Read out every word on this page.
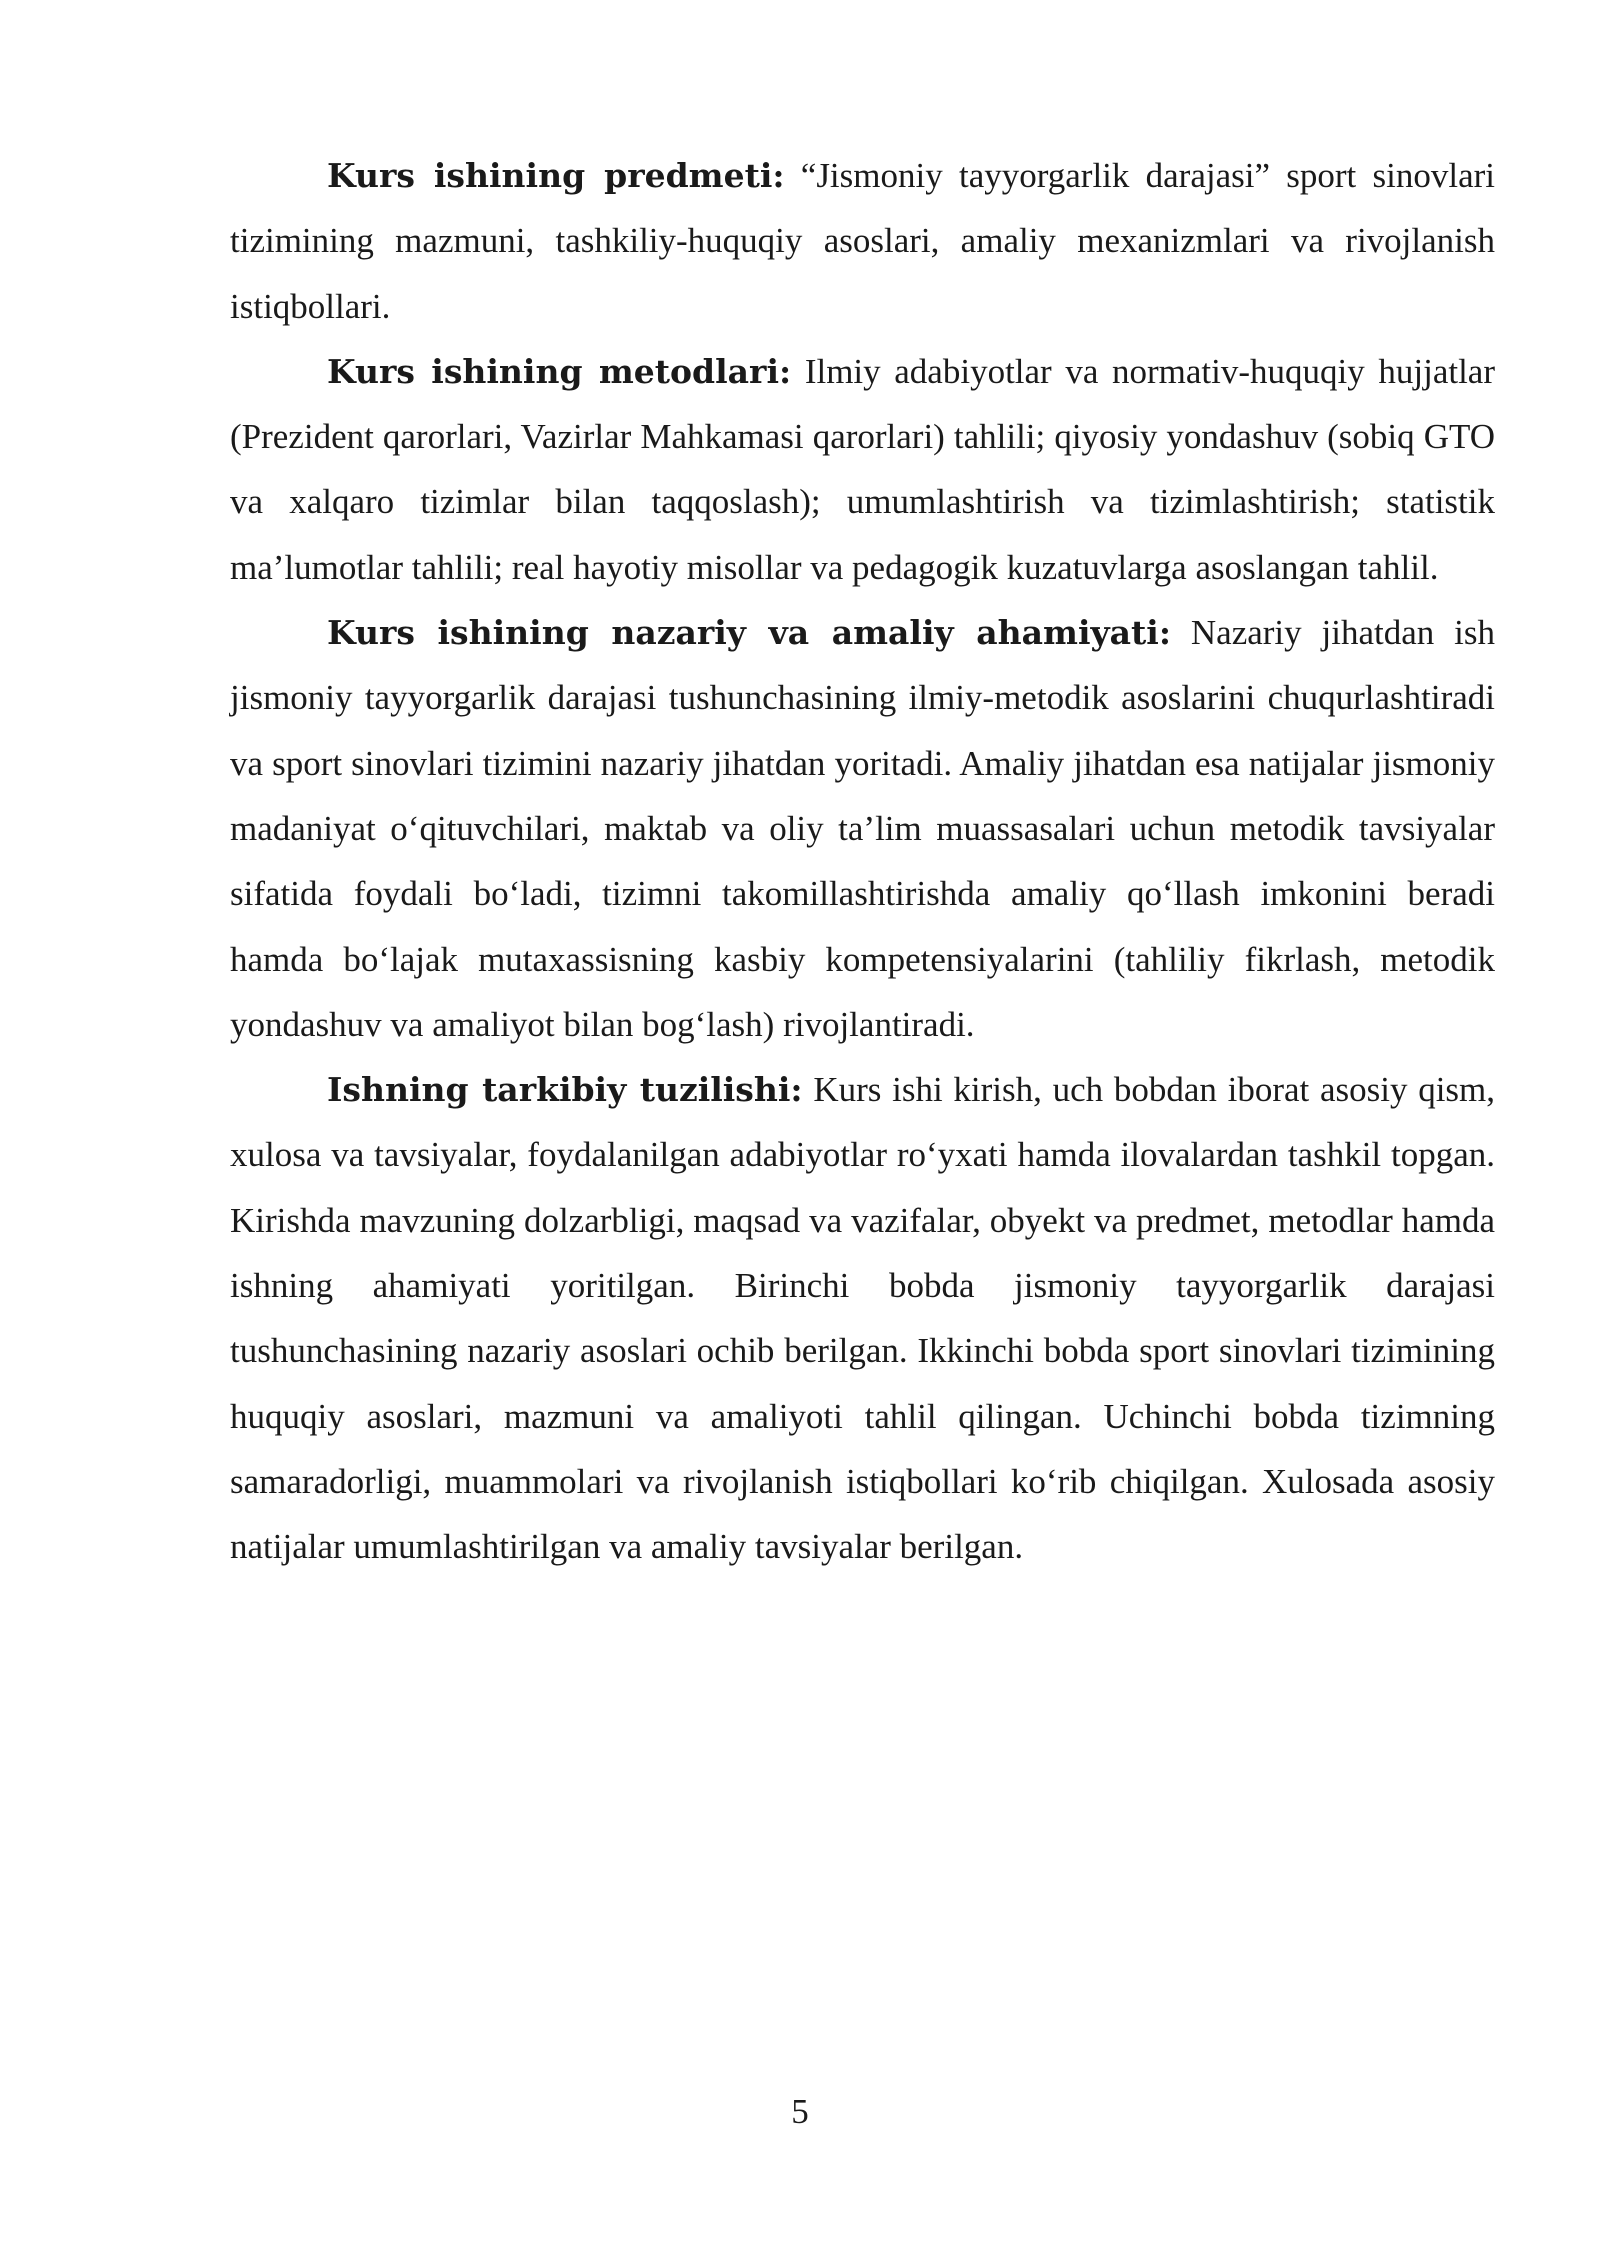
Kurs ishining predmeti: “Jismoniy tayyorgarlik darajasi” sport sinovlari tizimining mazmuni, tashkiliy-huquqiy asoslari, amaliy mexanizmlari va rivojlanish istiqbollari.

Kurs ishining metodlari: Ilmiy adabiyotlar va normativ-huquqiy hujjatlar (Prezident qarorlari, Vazirlar Mahkamasi qarorlari) tahlili; qiyosiy yondashuv (sobiq GTO va xalqaro tizimlar bilan taqqoslash); umumlashtirish va tizimlashtirish; statistik ma’lumotlar tahlili; real hayotiy misollar va pedagogik kuzatuvlarga asoslangan tahlil.

Kurs ishining nazariy va amaliy ahamiyati: Nazariy jihatdan ish jismoniy tayyorgarlik darajasi tushunchasining ilmiy-metodik asoslarini chuqurlashtiradi va sport sinovlari tizimini nazariy jihatdan yoritadi. Amaliy jihatdan esa natijalar jismoniy madaniyat o‘qituvchilari, maktab va oliy ta’lim muassasalari uchun metodik tavsiyalar sifatida foydali bo‘ladi, tizimni takomillashtirishda amaliy qo‘llash imkonini beradi hamda bo‘lajak mutaxassisning kasbiy kompetensiyalarini (tahliliy fikrlash, metodik yondashuv va amaliyot bilan bog‘lash) rivojlantiradi.

Ishning tarkibiy tuzilishi: Kurs ishi kirish, uch bobdan iborat asosiy qism, xulosa va tavsiyalar, foydalanilgan adabiyotlar ro‘yxati hamda ilovalardan tashkil topgan. Kirishda mavzuning dolzarbligi, maqsad va vazifalar, obyekt va predmet, metodlar hamda ishning ahamiyati yoritilgan. Birinchi bobda jismoniy tayyorgarlik darajasi tushunchasining nazariy asoslari ochib berilgan. Ikkinchi bobda sport sinovlari tizimining huquqiy asoslari, mazmuni va amaliyoti tahlil qilingan. Uchinchi bobda tizimning samaradorligi, muammolari va rivojlanish istiqbollari ko‘rib chiqilgan. Xulosada asosiy natijalar umumlashtirilgan va amaliy tavsiyalar berilgan.

5
